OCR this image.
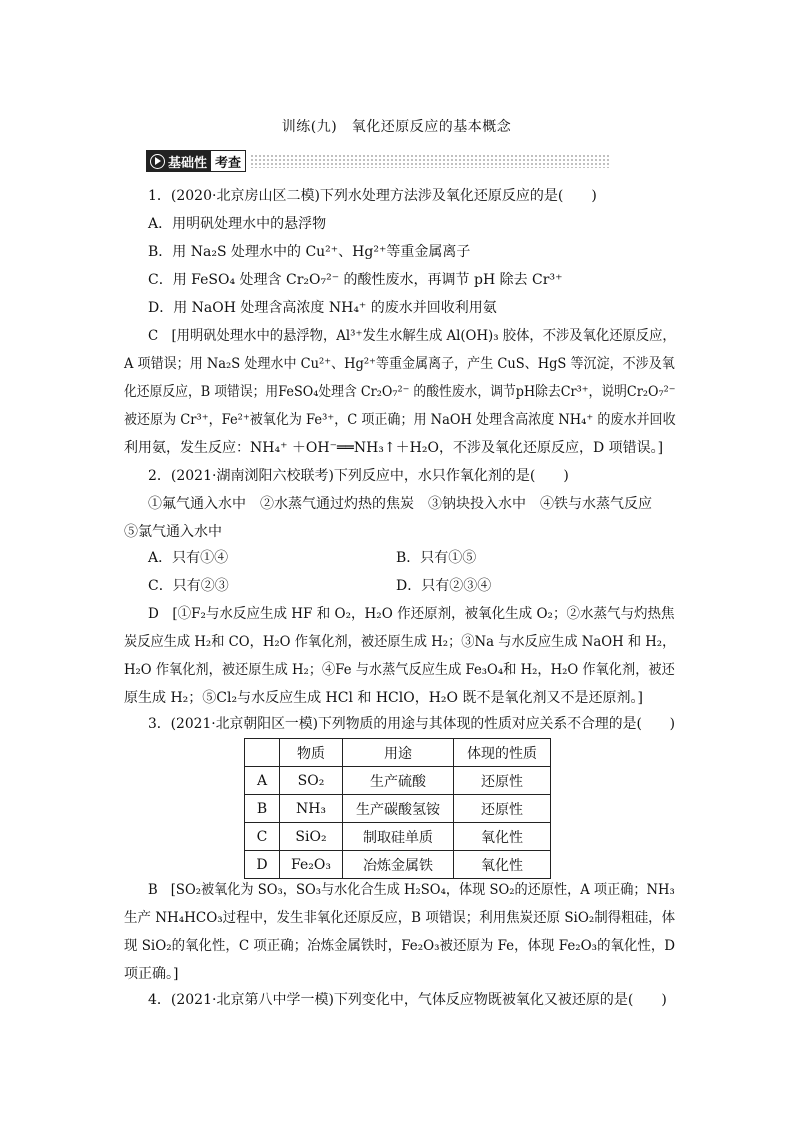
训练(九)　氧化还原反应的基本概念
基础性 考查
1．(2020·北京房山区二模)下列水处理方法涉及氧化还原反应的是(　　)
A．用明矾处理水中的悬浮物
B．用 Na₂S 处理水中的 Cu²⁺、Hg²⁺等重金属离子
C．用 FeSO₄ 处理含 Cr₂O₇²⁻ 的酸性废水，再调节 pH 除去 Cr³⁺
D．用 NaOH 处理含高浓度 NH₄⁺ 的废水并回收利用氨
C　[用明矾处理水中的悬浮物，Al³⁺发生水解生成 Al(OH)₃ 胶体，不涉及氧化还原反应，
A 项错误；用 Na₂S 处理水中 Cu²⁺、Hg²⁺等重金属离子，产生 CuS、HgS 等沉淀，不涉及氧
化还原反应，B 项错误；用FeSO₄处理含 Cr₂O₇²⁻ 的酸性废水，调节pH除去Cr³⁺，说明Cr₂O₇²⁻
被还原为 Cr³⁺，Fe²⁺被氧化为 Fe³⁺，C 项正确；用 NaOH 处理含高浓度 NH₄⁺ 的废水并回收
利用氨，发生反应：NH₄⁺ ＋OH⁻══NH₃↑＋H₂O，不涉及氧化还原反应，D 项错误。]
2．(2021·湖南浏阳六校联考)下列反应中，水只作氧化剂的是(　　)
①氟气通入水中　②水蒸气通过灼热的焦炭　③钠块投入水中　④铁与水蒸气反应
⑤氯气通入水中
A．只有①④	B．只有①⑤
C．只有②③	D．只有②③④
D　[①F₂与水反应生成 HF 和 O₂，H₂O 作还原剂，被氧化生成 O₂；②水蒸气与灼热焦
炭反应生成 H₂和 CO，H₂O 作氧化剂，被还原生成 H₂；③Na 与水反应生成 NaOH 和 H₂，
H₂O 作氧化剂，被还原生成 H₂；④Fe 与水蒸气反应生成 Fe₃O₄和 H₂，H₂O 作氧化剂，被还
原生成 H₂；⑤Cl₂与水反应生成 HCl 和 HClO，H₂O 既不是氧化剂又不是还原剂。]
3．(2021·北京朝阳区一模)下列物质的用途与其体现的性质对应关系不合理的是(　　)
	物质	用途	体现的性质
A	SO₂	生产硫酸	还原性
B	NH₃	生产碳酸氢铵	还原性
C	SiO₂	制取硅单质	氧化性
D	Fe₂O₃	冶炼金属铁	氧化性
B　[SO₂被氧化为 SO₃，SO₃与水化合生成 H₂SO₄，体现 SO₂的还原性，A 项正确；NH₃
生产 NH₄HCO₃过程中，发生非氧化还原反应，B 项错误；利用焦炭还原 SiO₂制得粗硅，体
现 SiO₂的氧化性，C 项正确；冶炼金属铁时，Fe₂O₃被还原为 Fe，体现 Fe₂O₃的氧化性，D
项正确。]
4．(2021·北京第八中学一模)下列变化中，气体反应物既被氧化又被还原的是(　　)
